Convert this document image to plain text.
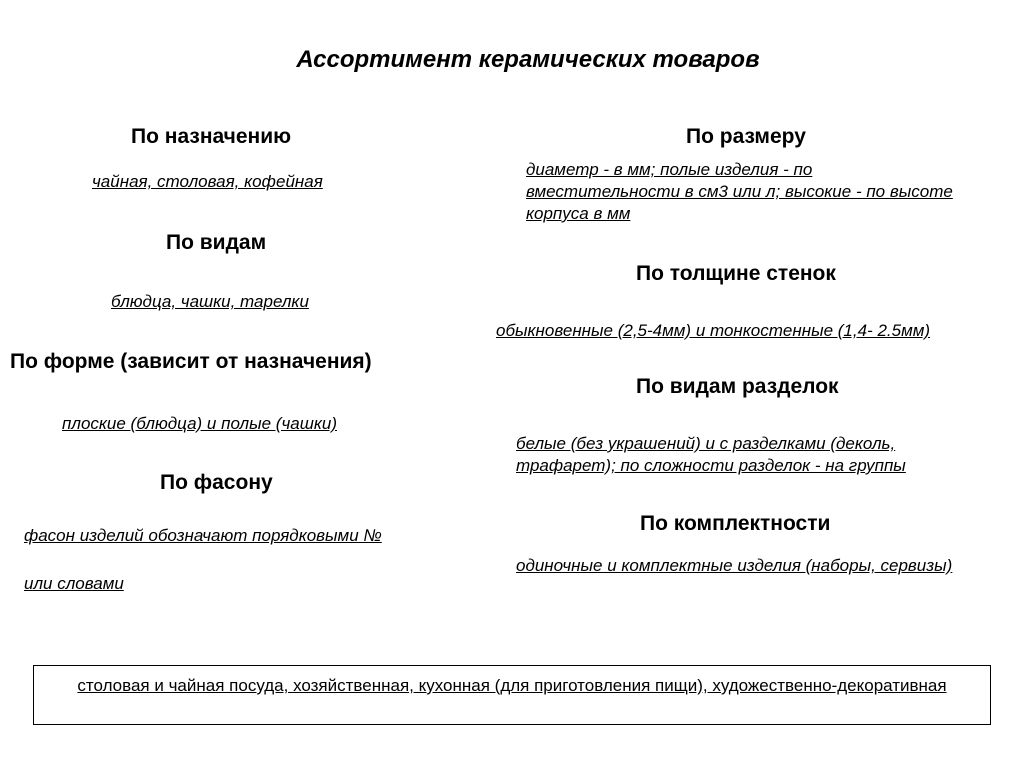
Ассортимент керамических товаров
По назначению
чайная, столовая, кофейная
По видам
блюдца, чашки, тарелки
По форме (зависит от назначения)
плоские (блюдца) и полые (чашки)
По фасону
фасон изделий обозначают порядковыми №
или словами
По размеру
диаметр - в мм; полые изделия - по вместительности в см3 или л; высокие - по высоте корпуса в мм
По толщине стенок
обыкновенные (2,5-4мм) и тонкостенные (1,4- 2.5мм)
По видам разделок
белые (без украшений) и с разделками (деколь, трафарет); по сложности разделок - на группы
По комплектности
одиночные и комплектные изделия (наборы, сервизы)
столовая и чайная посуда, хозяйственная, кухонная (для приготовления пищи), художественно-декоративная
